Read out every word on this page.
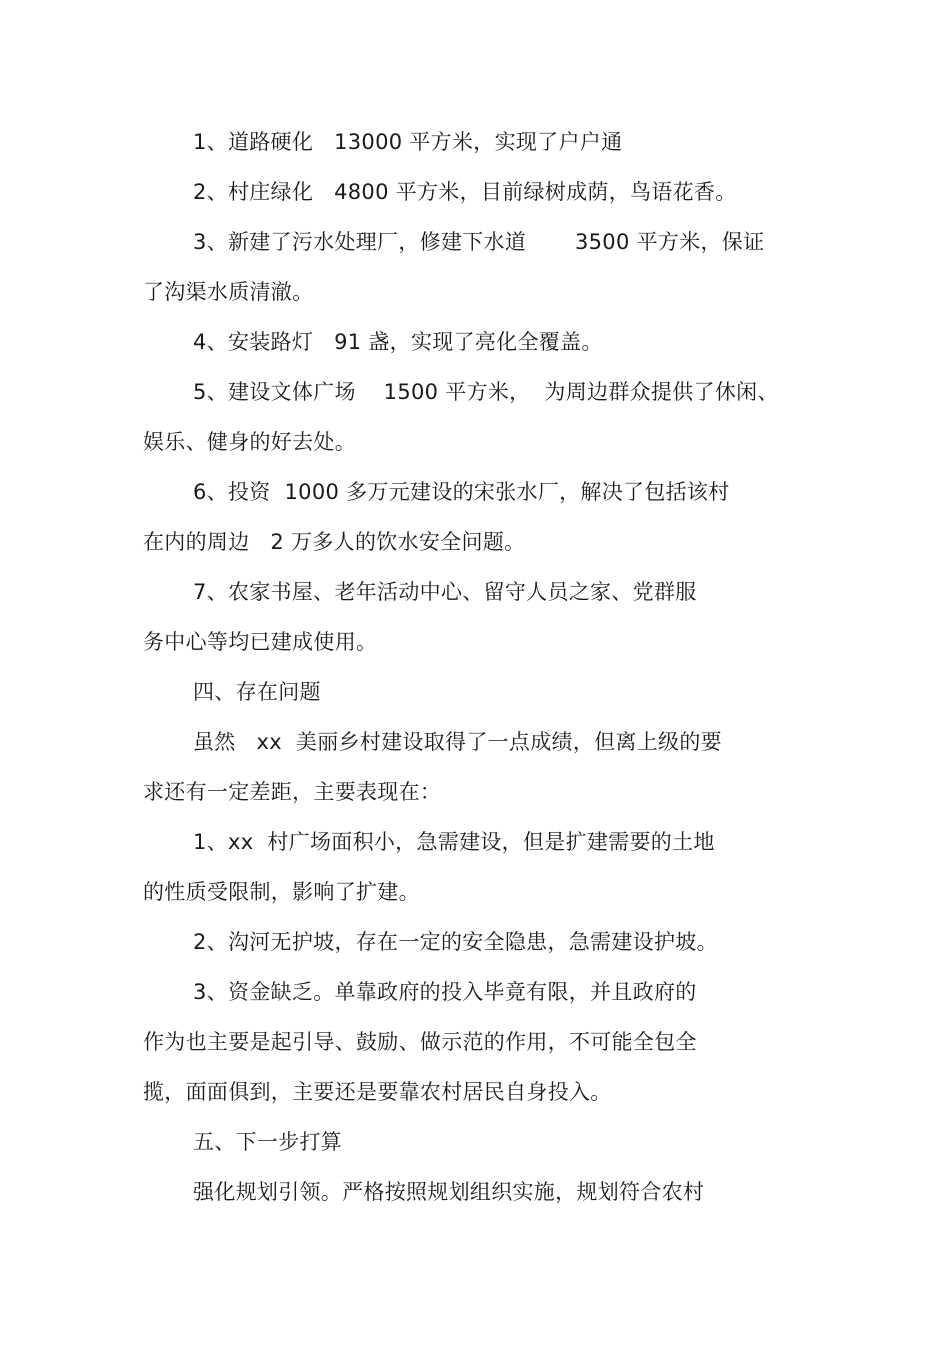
1、道路硬化   13000 平方米，实现了户户通
2、村庄绿化   4800 平方米，目前绿树成荫，鸟语花香。
3、新建了污水处理厂，修建下水道       3500 平方米，保证
了沟渠水质清澈。
4、安装路灯   91 盏，实现了亮化全覆盖。
5、建设文体广场    1500 平方米，  为周边群众提供了休闲、
娱乐、健身的好去处。
6、投资  1000 多万元建设的宋张水厂，解决了包括该村
在内的周边   2 万多人的饮水安全问题。
7、农家书屋、老年活动中心、留守人员之家、党群服
务中心等均已建成使用。
四、存在问题
虽然   xx  美丽乡村建设取得了一点成绩，但离上级的要
求还有一定差距，主要表现在：
1、xx  村广场面积小，急需建设，但是扩建需要的土地
的性质受限制，影响了扩建。
2、沟河无护坡，存在一定的安全隐患，急需建设护坡。
3、资金缺乏。单靠政府的投入毕竟有限，并且政府的
作为也主要是起引导、鼓励、做示范的作用，不可能全包全
揽，面面俱到，主要还是要靠农村居民自身投入。
五、下一步打算
强化规划引领。严格按照规划组织实施，规划符合农村
